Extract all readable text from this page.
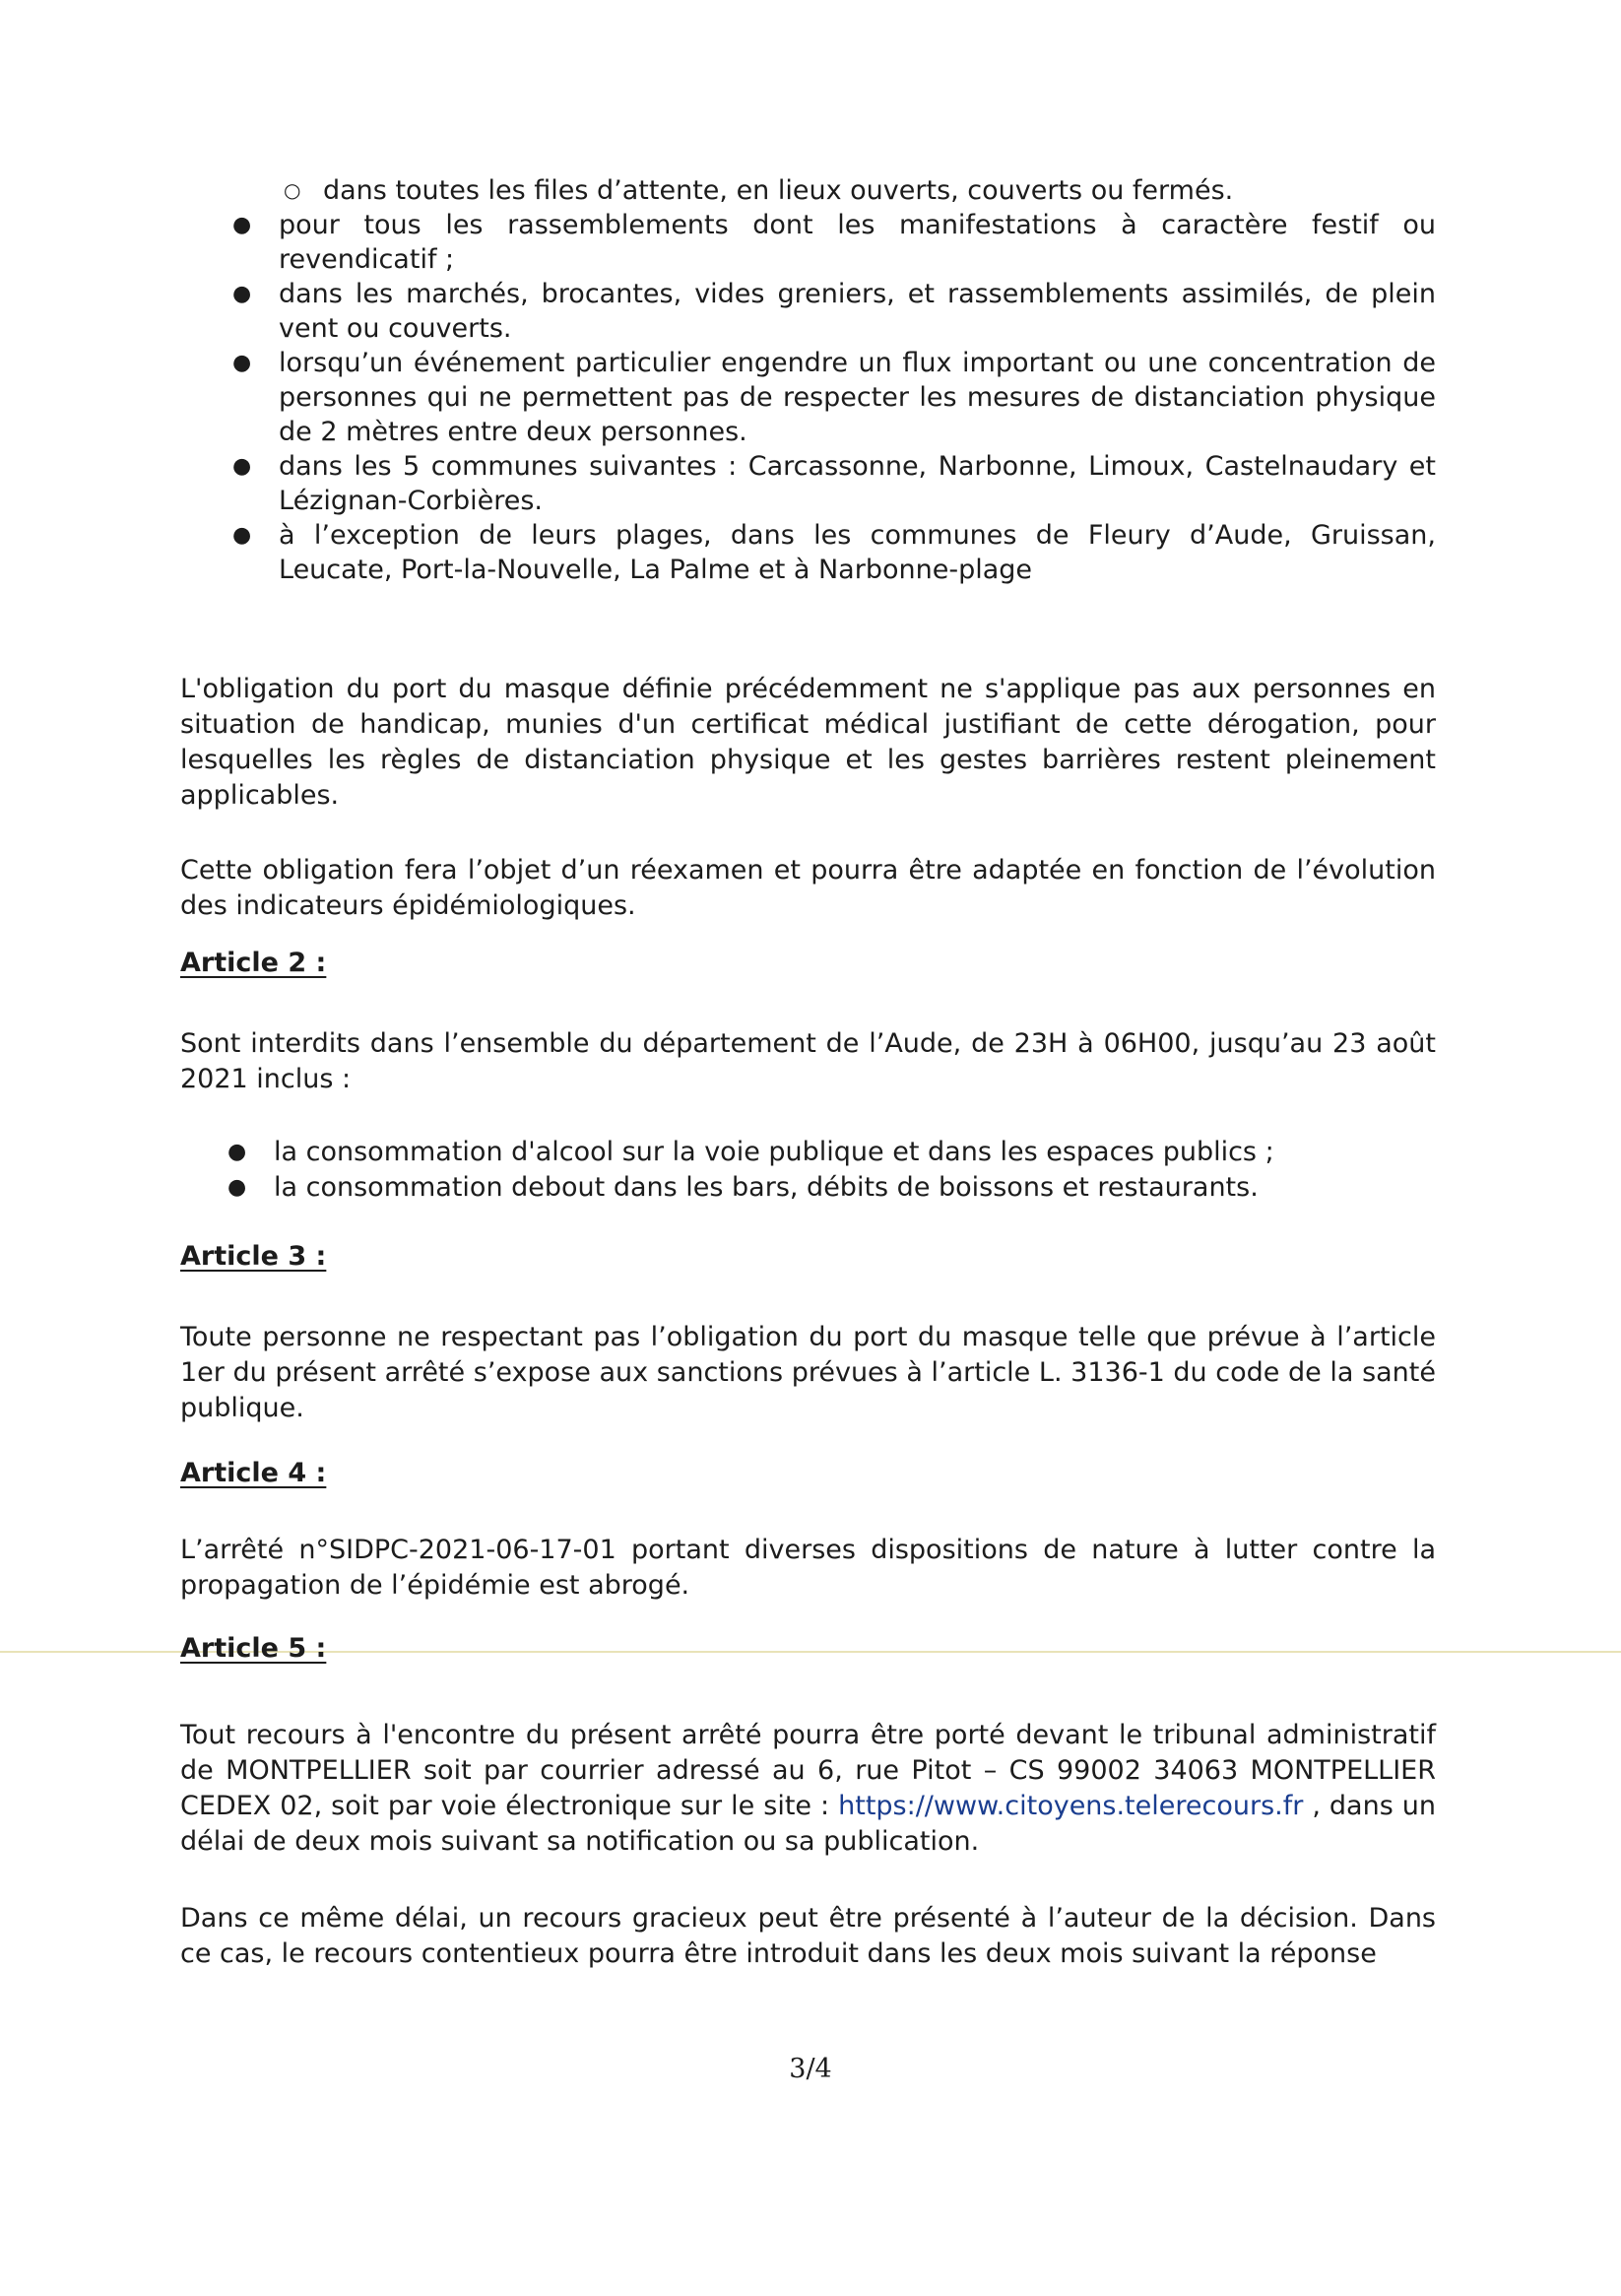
○ dans toutes les files d’attente, en lieux ouverts, couverts ou fermés.
● pour tous les rassemblements dont les manifestations à caractère festif ou revendicatif ;
● dans les marchés, brocantes, vides greniers, et rassemblements assimilés, de plein vent ou couverts.
● lorsqu’un événement particulier engendre un flux important ou une concentration de personnes qui ne permettent pas de respecter les mesures de distanciation physique de 2 mètres entre deux personnes.
● dans les 5 communes suivantes : Carcassonne, Narbonne, Limoux, Castelnaudary et Lézignan-Corbières.
● à l’exception de leurs plages, dans les communes de Fleury d’Aude, Gruissan, Leucate, Port-la-Nouvelle, La Palme et à Narbonne-plage

L'obligation du port du masque définie précédemment ne s'applique pas aux personnes en situation de handicap, munies d'un certificat médical justifiant de cette dérogation, pour lesquelles les règles de distanciation physique et les gestes barrières restent pleinement applicables.

Cette obligation fera l’objet d’un réexamen et pourra être adaptée en fonction de l’évolution des indicateurs épidémiologiques.

Article 2 :

Sont interdits dans l’ensemble du département de l’Aude, de 23H à 06H00, jusqu’au 23 août 2021 inclus :

● la consommation d'alcool sur la voie publique et dans les espaces publics ;
● la consommation debout dans les bars, débits de boissons et restaurants.
Article 3 :

Toute personne ne respectant pas l’obligation du port du masque telle que prévue à l’article 1er du présent arrêté s’expose aux sanctions prévues à l’article L. 3136-1 du code de la santé publique.

Article 4 :

L’arrêté n°SIDPC-2021-06-17-01 portant diverses dispositions de nature à lutter contre la propagation de l’épidémie est abrogé.

Article 5 :

Tout recours à l'encontre du présent arrêté pourra être porté devant le tribunal administratif de MONTPELLIER soit par courrier adressé au 6, rue Pitot – CS 99002 34063 MONTPELLIER CEDEX 02, soit par voie électronique sur le site : https://www.citoyens.telerecours.fr , dans un délai de deux mois suivant sa notification ou sa publication.

Dans ce même délai, un recours gracieux peut être présenté à l’auteur de la décision. Dans ce cas, le recours contentieux pourra être introduit dans les deux mois suivant la réponse

3/4
